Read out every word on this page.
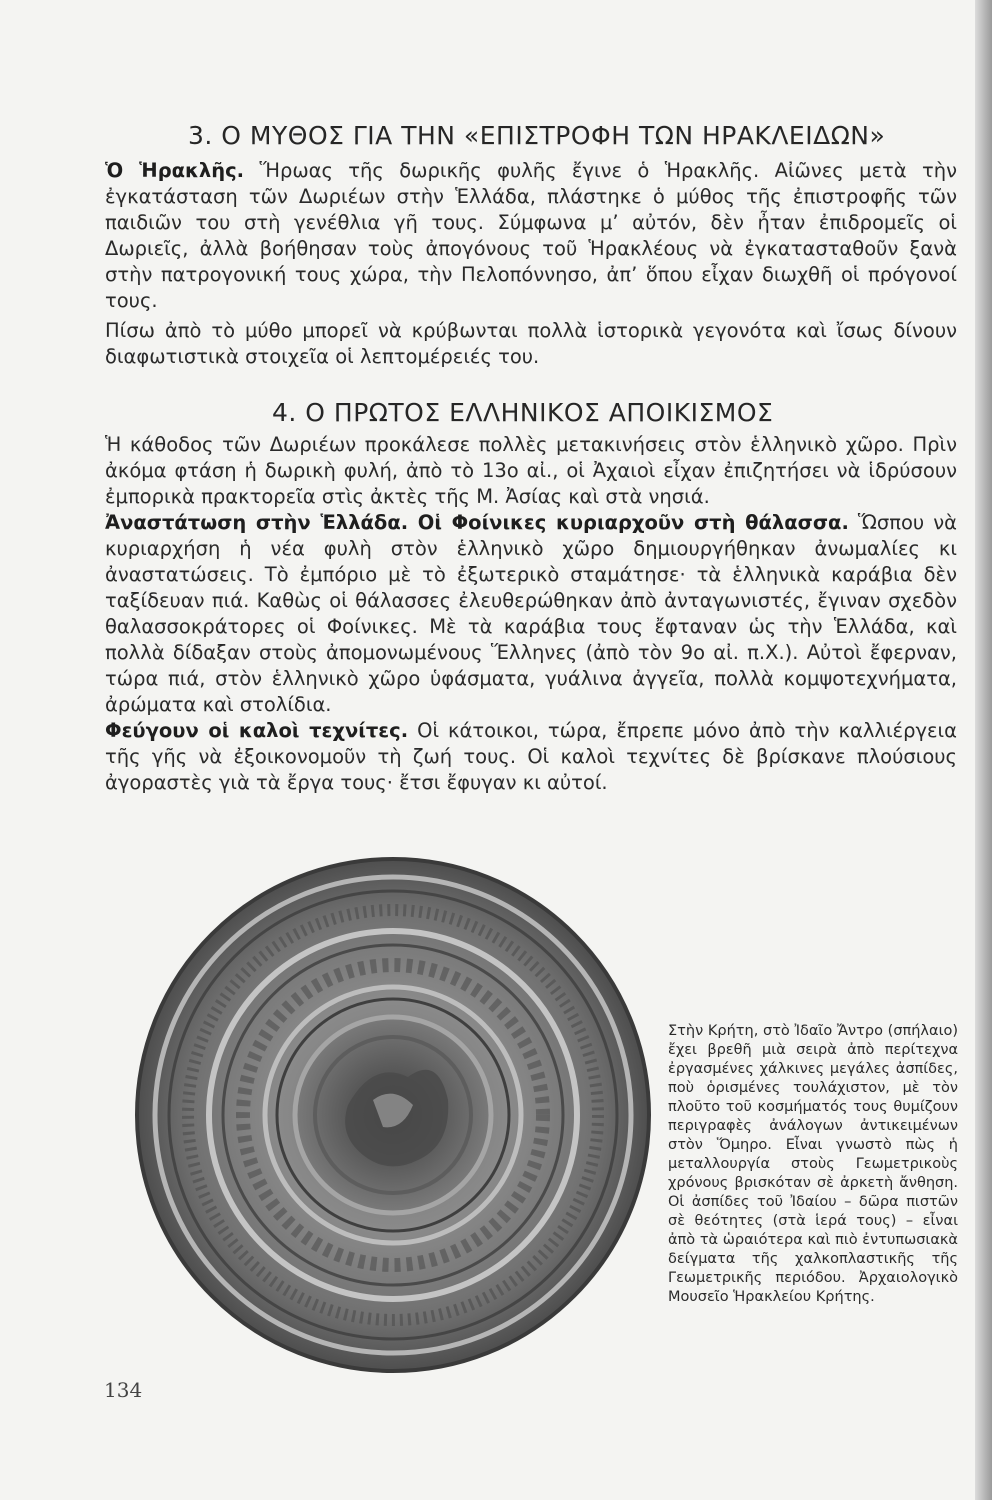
3. Ο ΜΥΘΟΣ ΓΙΑ ΤΗΝ «ΕΠΙΣΤΡΟΦΗ ΤΩΝ ΗΡΑΚΛΕΙΔΩΝ»

Ὁ Ἡρακλῆς. Ἥρωας τῆς δωρικῆς φυλῆς ἔγινε ὁ Ἡρακλῆς. Αἰῶνες μετὰ τὴν ἐγκατάσταση τῶν Δωριέων στὴν Ἑλλάδα, πλάστηκε ὁ μύθος τῆς ἐπιστροφῆς τῶν παιδιῶν του στὴ γενέθλια γῆ τους. Σύμφωνα μ’ αὐτόν, δὲν ἦταν ἐπιδρομεῖς οἱ Δωριεῖς, ἀλλὰ βοήθησαν τοὺς ἀπογόνους τοῦ Ἡρακλέους νὰ ἐγκατασταθοῦν ξανὰ στὴν πατρογονική τους χώρα, τὴν Πελοπόννησο, ἀπ’ ὅπου εἶχαν διωχθῆ οἱ πρόγονοί τους.

Πίσω ἀπὸ τὸ μύθο μπορεῖ νὰ κρύβωνται πολλὰ ἱστορικὰ γεγονότα καὶ ἴσως δίνουν διαφωτιστικὰ στοιχεῖα οἱ λεπτομέρειές του.

4. Ο ΠΡΩΤΟΣ ΕΛΛΗΝΙΚΟΣ ΑΠΟΙΚΙΣΜΟΣ

Ἡ κάθοδος τῶν Δωριέων προκάλεσε πολλὲς μετακινήσεις στὸν ἑλληνικὸ χῶρο. Πρὶν ἀκόμα φτάση ἡ δωρικὴ φυλή, ἀπὸ τὸ 13ο αἰ., οἱ Ἀχαιοὶ εἶχαν ἐπιζητήσει νὰ ἱδρύσουν ἐμπορικὰ πρακτορεῖα στὶς ἀκτὲς τῆς Μ. Ἀσίας καὶ στὰ νησιά.

Ἀναστάτωση στὴν Ἑλλάδα. Οἱ Φοίνικες κυριαρχοῦν στὴ θάλασσα. Ὥσπου νὰ κυριαρχήση ἡ νέα φυλὴ στὸν ἑλληνικὸ χῶρο δημιουργήθηκαν ἀνωμαλίες κι ἀναστατώσεις. Τὸ ἐμπόριο μὲ τὸ ἐξωτερικὸ σταμάτησε· τὰ ἑλληνικὰ καράβια δὲν ταξίδευαν πιά. Καθὼς οἱ θάλασσες ἐλευθερώθηκαν ἀπὸ ἀνταγωνιστές, ἔγιναν σχεδὸν θαλασσοκράτορες οἱ Φοίνικες. Μὲ τὰ καράβια τους ἔφταναν ὡς τὴν Ἑλλάδα, καὶ πολλὰ δίδαξαν στοὺς ἀπομονωμένους Ἕλληνες (ἀπὸ τὸν 9ο αἰ. π.Χ.). Αὐτοὶ ἔφερναν, τώρα πιά, στὸν ἑλληνικὸ χῶρο ὑφάσματα, γυάλινα ἀγγεῖα, πολλὰ κομψοτεχνήματα, ἀρώματα καὶ στολίδια.

Φεύγουν οἱ καλοὶ τεχνίτες. Οἱ κάτοικοι, τώρα, ἔπρεπε μόνο ἀπὸ τὴν καλλιέργεια τῆς γῆς νὰ ἐξοικονομοῦν τὴ ζωή τους. Οἱ καλοὶ τεχνίτες δὲ βρίσκανε πλούσιους ἀγοραστὲς γιὰ τὰ ἔργα τους· ἔτσι ἔφυγαν κι αὐτοί.

Στὴν Κρήτη, στὸ Ἰδαῖο Ἄντρο (σπήλαιο) ἔχει βρεθῆ μιὰ σειρὰ ἀπὸ περίτεχνα ἐργασμένες χάλκινες μεγάλες ἀσπίδες, ποὺ ὁρισμένες τουλάχιστον, μὲ τὸν πλοῦτο τοῦ κοσμήματός τους θυμίζουν περιγραφὲς ἀνάλογων ἀντικειμένων στὸν Ὅμηρο. Εἶναι γνωστὸ πὼς ἡ μεταλλουργία στοὺς Γεωμετρικοὺς χρόνους βρισκόταν σὲ ἀρκετὴ ἄνθηση. Οἱ ἀσπίδες τοῦ Ἰδαίου – δῶρα πιστῶν σὲ θεότητες (στὰ ἱερά τους) – εἶναι ἀπὸ τὰ ὡραιότερα καὶ πιὸ ἐντυπωσιακὰ δείγματα τῆς χαλκοπλαστικῆς τῆς Γεωμετρικῆς περιόδου. Ἀρχαιολογικὸ Μουσεῖο Ἡρακλείου Κρήτης.

134
